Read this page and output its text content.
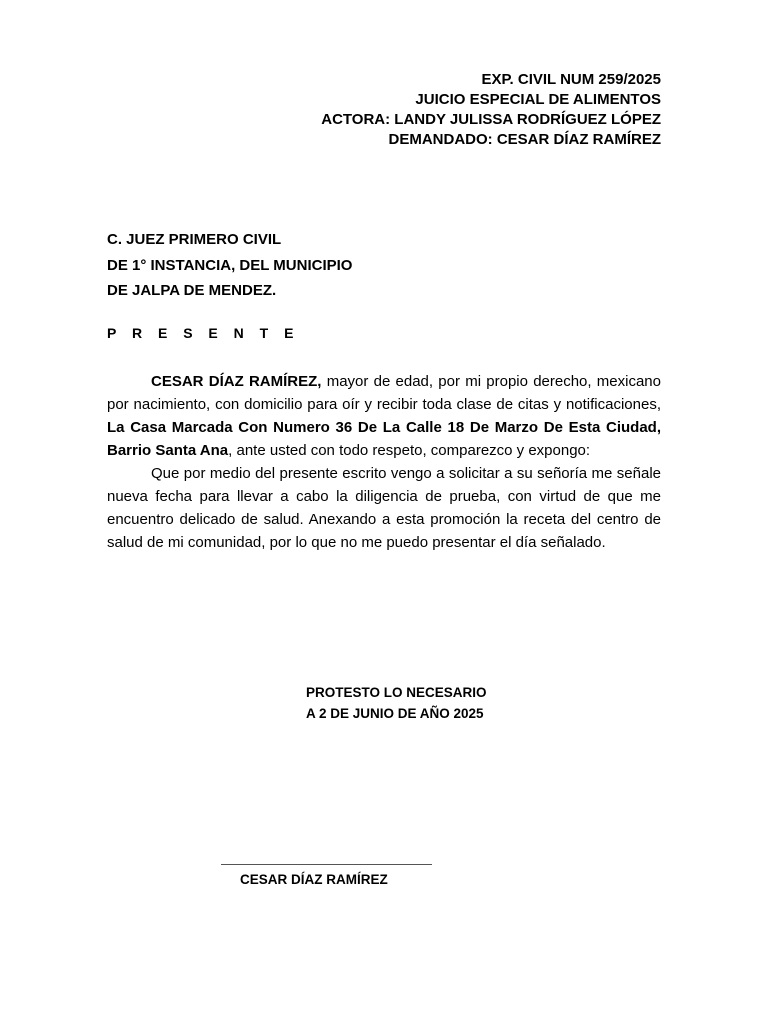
EXP. CIVIL NUM 259/2025
JUICIO ESPECIAL DE ALIMENTOS
ACTORA: LANDY JULISSA RODRÍGUEZ LÓPEZ
DEMANDADO: CESAR DÍAZ RAMÍREZ
C. JUEZ PRIMERO CIVIL
DE 1° INSTANCIA, DEL MUNICIPIO
DE JALPA DE MENDEZ.
P R E S E N T E

CESAR DÍAZ RAMÍREZ, mayor de edad, por mi propio derecho, mexicano por nacimiento, con domicilio para oír y recibir toda clase de citas y notificaciones, La Casa Marcada Con Numero 36 De La Calle 18 De Marzo De Esta Ciudad, Barrio Santa Ana, ante usted con todo respeto, comparezco y expongo:

Que por medio del presente escrito vengo a solicitar a su señoría me señale nueva fecha para llevar a cabo la diligencia de prueba, con virtud de que me encuentro delicado de salud. Anexando a esta promoción la receta del centro de salud de mi comunidad, por lo que no me puedo presentar el día señalado.

PROTESTO LO NECESARIO
A 2 DE JUNIO DE AÑO 2025
CESAR DÍAZ RAMÍREZ
